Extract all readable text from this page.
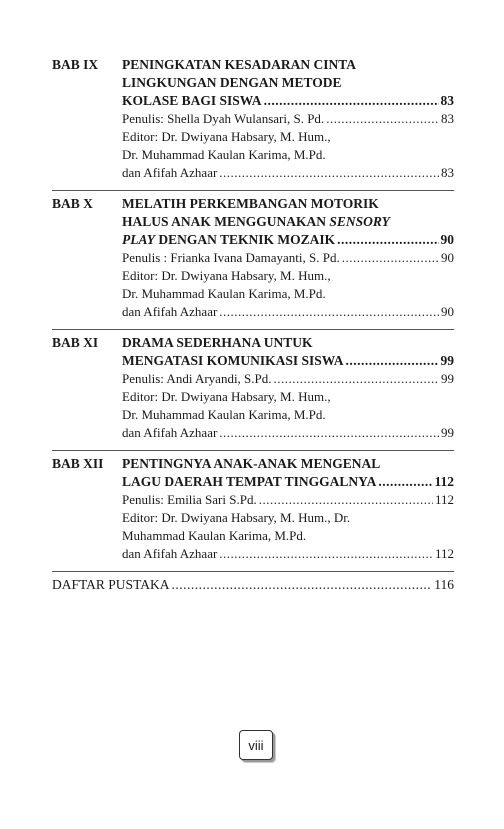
BAB IX	PENINGKATAN KESADARAN CINTA
LINGKUNGAN DENGAN METODE
KOLASE BAGI SISWA .....	83
Penulis: Shella Dyah Wulansari, S. Pd. .....	83
Editor: Dr. Dwiyana Habsary, M. Hum.,
Dr. Muhammad Kaulan Karima, M.Pd.
dan Afifah Azhaar .....	83
BAB X	MELATIH PERKEMBANGAN MOTORIK
HALUS ANAK MENGGUNAKAN SENSORY
PLAY DENGAN TEKNIK MOZAIK .....	90
Penulis : Frianka Ivana Damayanti, S. Pd. .....	90
Editor: Dr. Dwiyana Habsary, M. Hum.,
Dr. Muhammad Kaulan Karima, M.Pd.
dan Afifah Azhaar .....	90
BAB XI	DRAMA SEDERHANA UNTUK
MENGATASI KOMUNIKASI SISWA .....	99
Penulis: Andi Aryandi, S.Pd. .....	99
Editor: Dr. Dwiyana Habsary, M. Hum.,
Dr. Muhammad Kaulan Karima, M.Pd.
dan Afifah Azhaar .....	99
BAB XII	PENTINGNYA ANAK-ANAK MENGENAL
LAGU DAERAH TEMPAT TINGGALNYA .....	112
Penulis: Emilia Sari S.Pd. .....	112
Editor: Dr. Dwiyana Habsary, M. Hum., Dr.
Muhammad Kaulan Karima, M.Pd.
dan Afifah Azhaar .....	112
DAFTAR PUSTAKA .....	116
viii
